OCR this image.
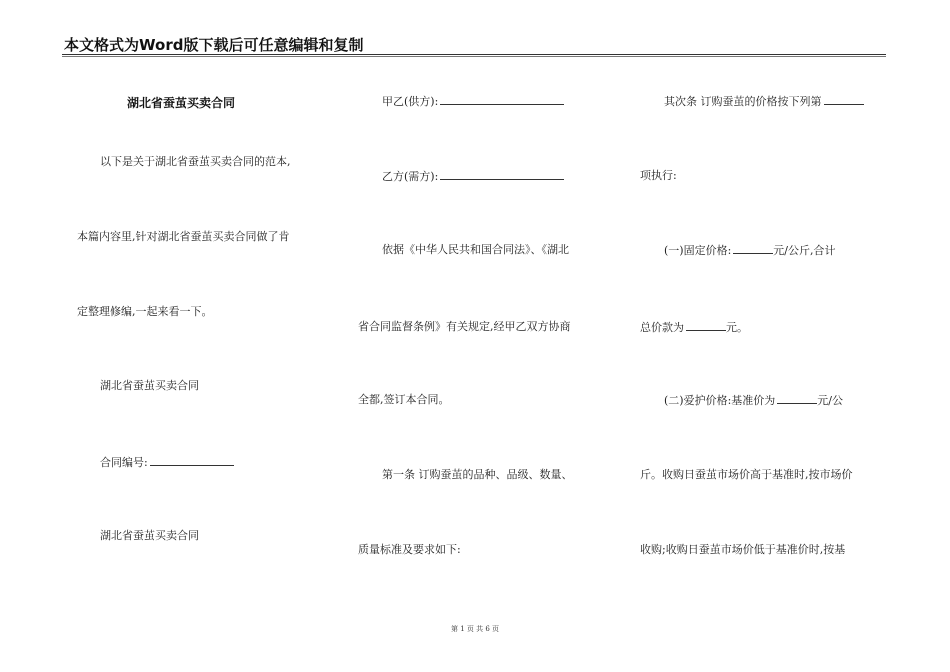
本文格式为Word版下载后可任意编辑和复制
湖北省蚕茧买卖合同
以下是关于湖北省蚕茧买卖合同的范本,
本篇内容里,针对湖北省蚕茧买卖合同做了肯
定整理修编,一起来看一下。
湖北省蚕茧买卖合同
合同编号:
湖北省蚕茧买卖合同
甲乙(供方):
乙方(需方):
依据《中华人民共和国合同法》、《湖北
省合同监督条例》有关规定,经甲乙双方协商
全都,签订本合同。
第一条 订购蚕茧的品种、品级、数量、
质量标准及要求如下:
其次条 订购蚕茧的价格按下列第
项执行:
(一)固定价格:	元/公斤,合计
总价款为	元。
(二)爱护价格:基准价为	元/公
斤。收购日蚕茧市场价高于基准时,按市场价
收购;收购日蚕茧市场价低于基准价时,按基
第 1 页 共 6 页
